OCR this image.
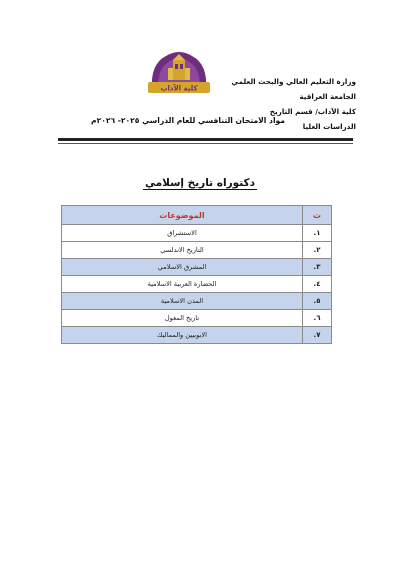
وزارة التعليم العالي والبحث العلمي
الجامعة العراقية
كلية الآداب/ قسم التاريخ
الدراسات العليا
كلية الآداب
مواد الامتحان التنافسي للعام الدراسي ٢٠٢٥- ٢٠٢٦م
دكتوراه تاريخ إسلامي
ت	الموضوعات
١.	الاستشراق
٢.	التاريخ الاندلسي
٣.	المشرق الاسلامي
٤.	الحضارة العربية الاسلامية
٥.	المدن الاسلامية
٦.	تاريخ المغول
٧.	الايوبيين والمماليك
